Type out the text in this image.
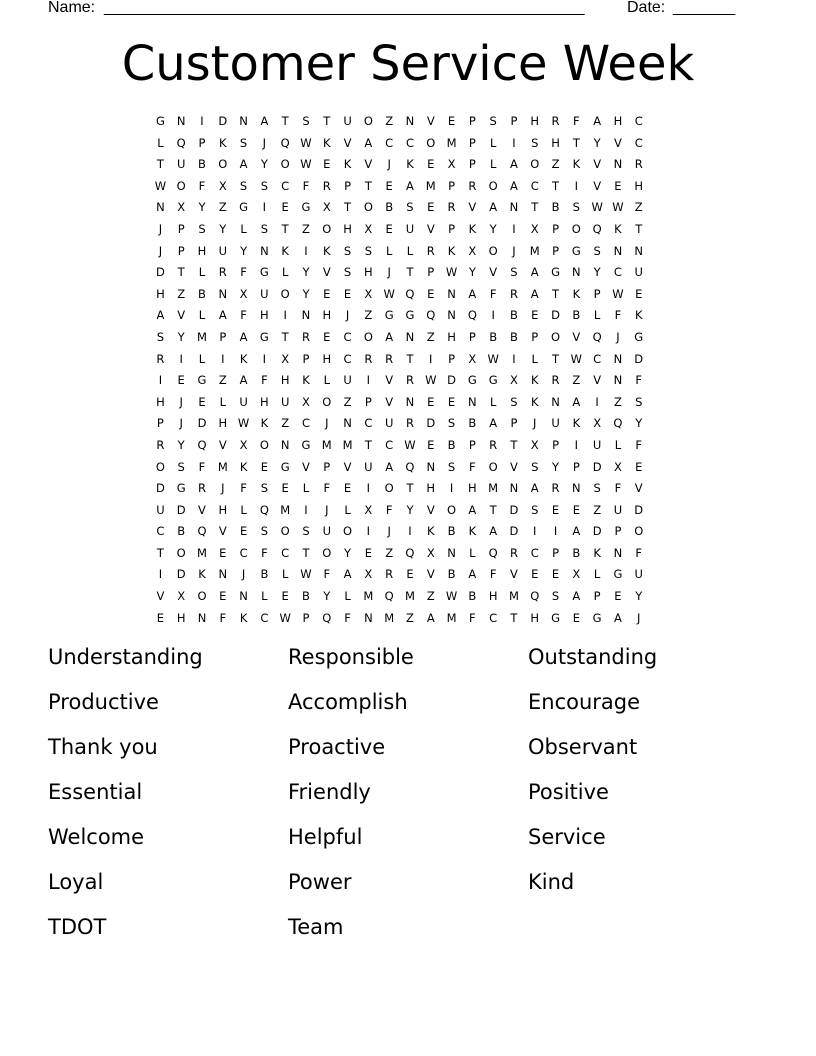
Name: ______________________________________________________	Date: _______
Customer Service Week
G	N	I	D	N	A	T	S	T	U	O	Z	N	V	E	P	S	P	H	R	F	A	H	C
L	Q	P	K	S	J	Q W K	V	A	C	C	O M	P	L	I	S	H	T	Y	V	C
T	U	B	O	A	Y	O W E	K	V	J	K	E	X	P	L	A	O	Z	K	V	N	R
W O	F	X	S	S	C	F	R	P	T	E	A	M	P	R	O	A	C	T	I	V	E	H
N	X	Y	Z	G	I	E	G	X	T	O	B	S	E	R	V	A	N	T	B	S W W Z
J	P	S	Y	L	S	T	Z	O	H	X	E	U	V	P	K	Y	I	X	P	O	Q	K	T
J	P	H	U	Y	N	K	I	K	S	S	L	L	R	K	X	O	J	M	P	G	S	N	N
D	T	L	R	F	G	L	Y	V	S	H	J	T	P	W	Y	V	S	A	G	N	Y	C	U
H	Z	B	N	X	U	O	Y	E	E	X W Q	E	N	A	F	R	A	T	K	P	W E
A	V	L	A	F	H	I	N	H	J	Z	G	G	Q	N	Q	I	B	E	D	B	L	F	K
S	Y	M	P	A	G	T	R	E	C	O	A	N	Z	H	P	B	B	P	O	V	Q	J	G
R	I	L	I	K	I	X	P	H	C	R	R	T	I	P	X W	I	L	T	W C	N	D
I	E	G	Z	A	F	H	K	L	U	I	V	R W D	G	G	X	K	R	Z	V	N	F
H	J	E	L	U	H	U	X	O	Z	P	V	N	E	E	N	L	S	K	N	A	I	Z	S
P	J	D	H W K	Z	C	J	N	C	U	R	D	S	B	A	P	J	U	K	X	Q	Y
R	Y	Q	V	X	O	N	G M M	T	C W E	B	P	R	T	X	P	I	U	L	F
O	S	F	M	K	E	G	V	P	V	U	A	Q	N	S	F	O	V	S	Y	P	D	X	E
D	G	R	J	F	S	E	L	F	E	I	O	T	H	I	H	M	N	A	R	N	S	F	V
U	D	V	H	L	Q M	I	J	L	X	F	Y	V	O	A	T	D	S	E	E	Z	U	D
C	B	Q	V	E	S	O	S	U	O	I	J	I	K	B	K	A	D	I	I	A	D	P	O
T	O M	E	C	F	C	T	O	Y	E	Z	Q	X	N	L	Q	R	C	P	B	K	N	F
I	D	K	N	J	B	L	W	F	A	X	R	E	V	B	A	F	V	E	E	X	L	G	U
V	X	O	E	N	L	E	B	Y	L	M Q M	Z W B	H	M Q	S	A	P	E	Y
E	H	N	F	K	C W	P	Q	F	N	M	Z	A	M	F	C	T	H	G	E	G	A	J
Understanding	Responsible	Outstanding
Productive	Accomplish	Encourage
Thank you	Proactive	Observant
Essential	Friendly	Positive
Welcome	Helpful	Service
Loyal	Power	Kind
TDOT	Team
